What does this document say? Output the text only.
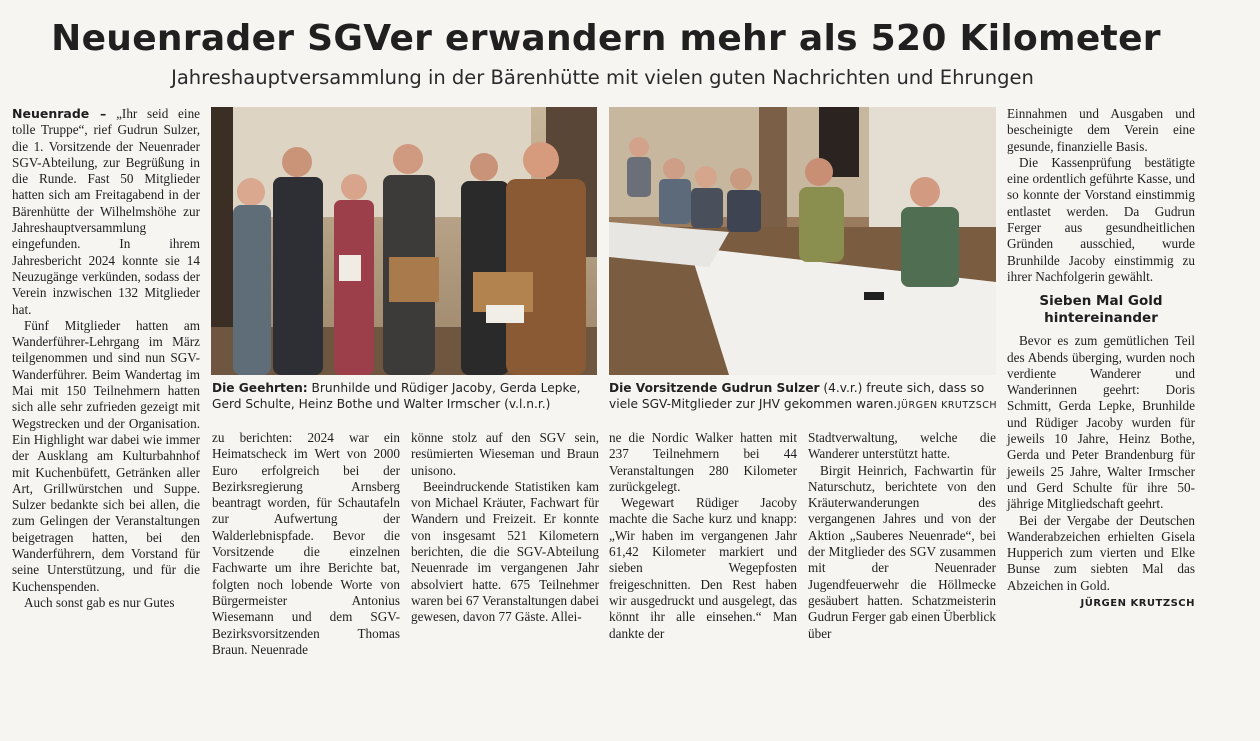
Neuenrader SGVer erwandern mehr als 520 Kilometer
Jahreshauptversammlung in der Bärenhütte mit vielen guten Nachrichten und Ehrungen

Neuenrade – „Ihr seid eine tolle Truppe“, rief Gudrun Sulzer, die 1. Vorsitzende der Neuenrader SGV-Abteilung, zur Begrüßung in die Runde. Fast 50 Mitglieder hatten sich am Freitagabend in der Bärenhütte der Wilhelmshöhe zur Jahreshauptversammlung eingefunden. In ihrem Jahresbericht 2024 konnte sie 14 Neuzugänge verkünden, sodass der Verein inzwischen 132 Mitglieder hat.

Fünf Mitglieder hatten am Wanderführer-Lehrgang im März teilgenommen und sind nun SGV-Wanderführer. Beim Wandertag im Mai mit 150 Teilnehmern hatten sich alle sehr zufrieden gezeigt mit Wegstrecken und der Organisation. Ein Highlight war dabei wie immer der Ausklang am Kulturbahnhof mit Kuchenbüfett, Getränken aller Art, Grillwürstchen und Suppe. Sulzer bedankte sich bei allen, die zum Gelingen der Veranstaltungen beigetragen hatten, bei den Wanderführern, dem Vorstand für seine Unterstützung, und für die Kuchenspenden.

Auch sonst gab es nur Gutes

Die Geehrten: Brunhilde und Rüdiger Jacoby, Gerda Lepke, Gerd Schulte, Heinz Bothe und Walter Irmscher (v.l.n.r.)
Die Vorsitzende Gudrun Sulzer (4.v.r.) freute sich, dass so viele SGV-Mitglieder zur JHV gekommen waren. JÜRGEN KRUTZSCH

zu berichten: 2024 war ein Heimatscheck im Wert von 2000 Euro erfolgreich bei der Bezirksregierung Arnsberg beantragt worden, für Schautafeln zur Aufwertung der Walderlebnispfade. Bevor die Vorsitzende die einzelnen Fachwarte um ihre Berichte bat, folgten noch lobende Worte von Bürgermeister Antonius Wiesemann und dem SGV-Bezirksvorsitzenden Thomas Braun. Neuenrade

könne stolz auf den SGV sein, resümierten Wieseman und Braun unisono.

Beeindruckende Statistiken kam von Michael Kräuter, Fachwart für Wandern und Freizeit. Er konnte von insgesamt 521 Kilometern berichten, die die SGV-Abteilung Neuenrade im vergangenen Jahr absolviert hatte. 675 Teilnehmer waren bei 67 Veranstaltungen dabei gewesen, davon 77 Gäste. Allei-

ne die Nordic Walker hatten mit 237 Teilnehmern bei 44 Veranstaltungen 280 Kilometer zurückgelegt.

Wegewart Rüdiger Jacoby machte die Sache kurz und knapp: „Wir haben im vergangenen Jahr 61,42 Kilometer markiert und sieben Wegepfosten freigeschnitten. Den Rest haben wir ausgedruckt und ausgelegt, das könnt ihr alle einsehen.“ Man dankte der

Stadtverwaltung, welche die Wanderer unterstützt hatte.

Birgit Heinrich, Fachwartin für Naturschutz, berichtete von den Kräuterwanderungen des vergangenen Jahres und von der Aktion „Sauberes Neuenrade“, bei der Mitglieder des SGV zusammen mit der Neuenrader Jugendfeuerwehr die Höllmecke gesäubert hatten. Schatzmeisterin Gudrun Ferger gab einen Überblick über

Einnahmen und Ausgaben und bescheinigte dem Verein eine gesunde, finanzielle Basis.

Die Kassenprüfung bestätigte eine ordentlich geführte Kasse, und so konnte der Vorstand einstimmig entlastet werden. Da Gudrun Ferger aus gesundheitlichen Gründen ausschied, wurde Brunhilde Jacoby einstimmig zu ihrer Nachfolgerin gewählt.

Sieben Mal Gold hintereinander

Bevor es zum gemütlichen Teil des Abends überging, wurden noch verdiente Wanderer und Wanderinnen geehrt: Doris Schmitt, Gerda Lepke, Brunhilde und Rüdiger Jacoby wurden für jeweils 10 Jahre, Heinz Bothe, Gerda und Peter Brandenburg für jeweils 25 Jahre, Walter Irmscher und Gerd Schulte für ihre 50-jährige Mitgliedschaft geehrt.

Bei der Vergabe der Deutschen Wanderabzeichen erhielten Gisela Hupperich zum vierten und Elke Bunse zum siebten Mal das Abzeichen in Gold.
JÜRGEN KRUTZSCH
